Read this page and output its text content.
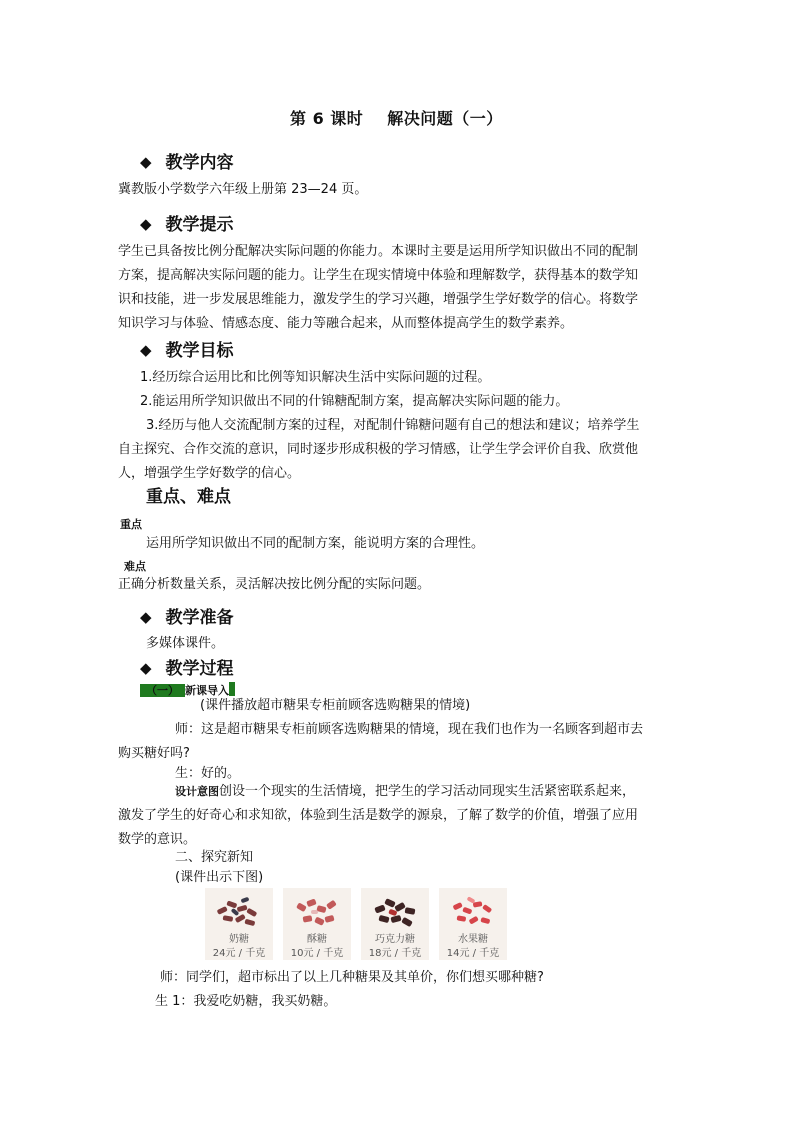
第 6 课时 解决问题（一）
◆ 教学内容
冀教版小学数学六年级上册第 23—24 页。
◆ 教学提示
学生已具备按比例分配解决实际问题的你能力。本课时主要是运用所学知识做出不同的配制
方案，提高解决实际问题的能力。让学生在现实情境中体验和理解数学，获得基本的数学知
识和技能，进一步发展思维能力，激发学生的学习兴趣，增强学生学好数学的信心。将数学
知识学习与体验、情感态度、能力等融合起来，从而整体提高学生的数学素养。
◆ 教学目标
1.经历综合运用比和比例等知识解决生活中实际问题的过程。
2.能运用所学知识做出不同的什锦糖配制方案，提高解决实际问题的能力。
3.经历与他人交流配制方案的过程，对配制什锦糖问题有自己的想法和建议；培养学生
自主探究、合作交流的意识，同时逐步形成积极的学习情感，让学生学会评价自我、欣赏他
人，增强学生学好数学的信心。
重点、难点
重点
运用所学知识做出不同的配制方案，能说明方案的合理性。
难点
正确分析数量关系，灵活解决按比例分配的实际问题。
◆ 教学准备
多媒体课件。
◆ 教学过程
（一） 新课导入
(课件播放超市糖果专柜前顾客选购糖果的情境)
师：这是超市糖果专柜前顾客选购糖果的情境，现在我们也作为一名顾客到超市去
购买糖好吗?
生：好的。
设计意图创设一个现实的生活情境，把学生的学习活动同现实生活紧密联系起来，
激发了学生的好奇心和求知欲，体验到生活是数学的源泉，了解了数学的价值，增强了应用
数学的意识。
二、探究新知
(课件出示下图)
奶糖
24元 / 千克
酥糖
10元 / 千克
巧克力糖
18元 / 千克
水果糖
14元 / 千克
师：同学们，超市标出了以上几种糖果及其单价，你们想买哪种糖?
生 1：我爱吃奶糖，我买奶糖。
